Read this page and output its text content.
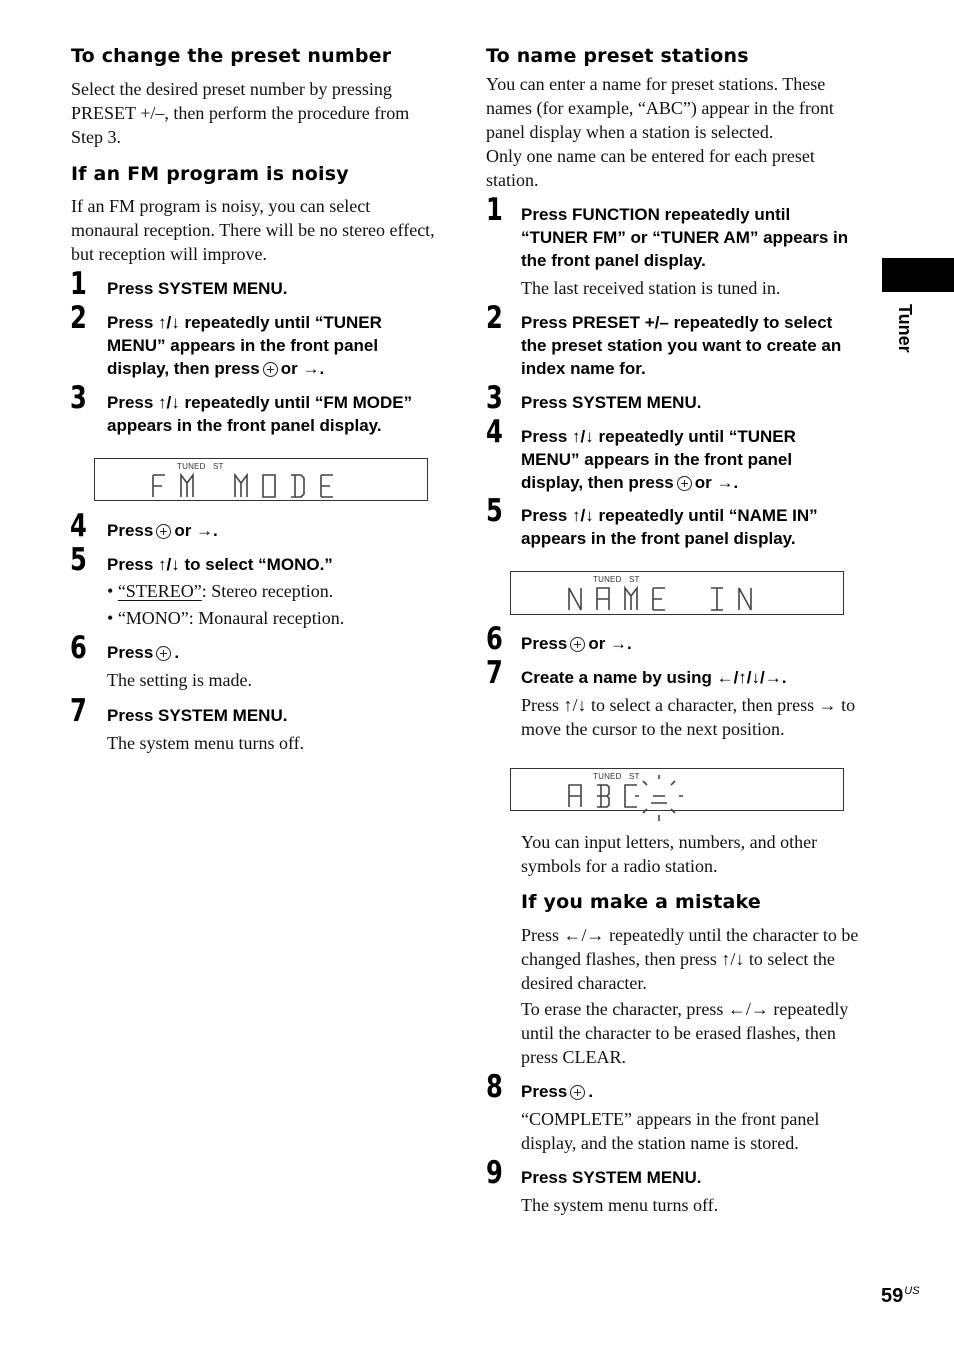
To change the preset number

Select the desired preset number by pressing PRESET +/–, then perform the procedure from Step 3.

If an FM program is noisy

If an FM program is noisy, you can select monaural reception. There will be no stereo effect, but reception will improve.

1 Press SYSTEM MENU.
2 Press ↑/↓ repeatedly until “TUNER MENU” appears in the front panel display, then press or →.
3 Press ↑/↓ repeatedly until “FM MODE” appears in the front panel display.
TUNED ST
4 Press or →.
5 Press ↑/↓ to select “MONO.”

• “STEREO”: Stereo reception.

• “MONO”: Monaural reception.

6 Press .

The setting is made.

7 Press SYSTEM MENU.

The system menu turns off.

To name preset stations

You can enter a name for preset stations. These names (for example, “ABC”) appear in the front panel display when a station is selected.

Only one name can be entered for each preset station.

1 Press FUNCTION repeatedly until “TUNER FM” or “TUNER AM” appears in the front panel display.

The last received station is tuned in.

2 Press PRESET +/– repeatedly to select the preset station you want to create an index name for.
3 Press SYSTEM MENU.
4 Press ↑/↓ repeatedly until “TUNER MENU” appears in the front panel display, then press or →.
5 Press ↑/↓ repeatedly until “NAME IN” appears in the front panel display.
TUNED ST
6 Press or →.
7 Create a name by using ←/↑/↓/→.

Press ↑/↓ to select a character, then press → to move the cursor to the next position.

TUNED ST

You can input letters, numbers, and other symbols for a radio station.

If you make a mistake

Press ←/→ repeatedly until the character to be changed flashes, then press ↑/↓ to select the desired character.

To erase the character, press ←/→ repeatedly until the character to be erased flashes, then press CLEAR.

8 Press .

“COMPLETE” appears in the front panel display, and the station name is stored.

9 Press SYSTEM MENU.

The system menu turns off.

Tuner
$59^{US}$
